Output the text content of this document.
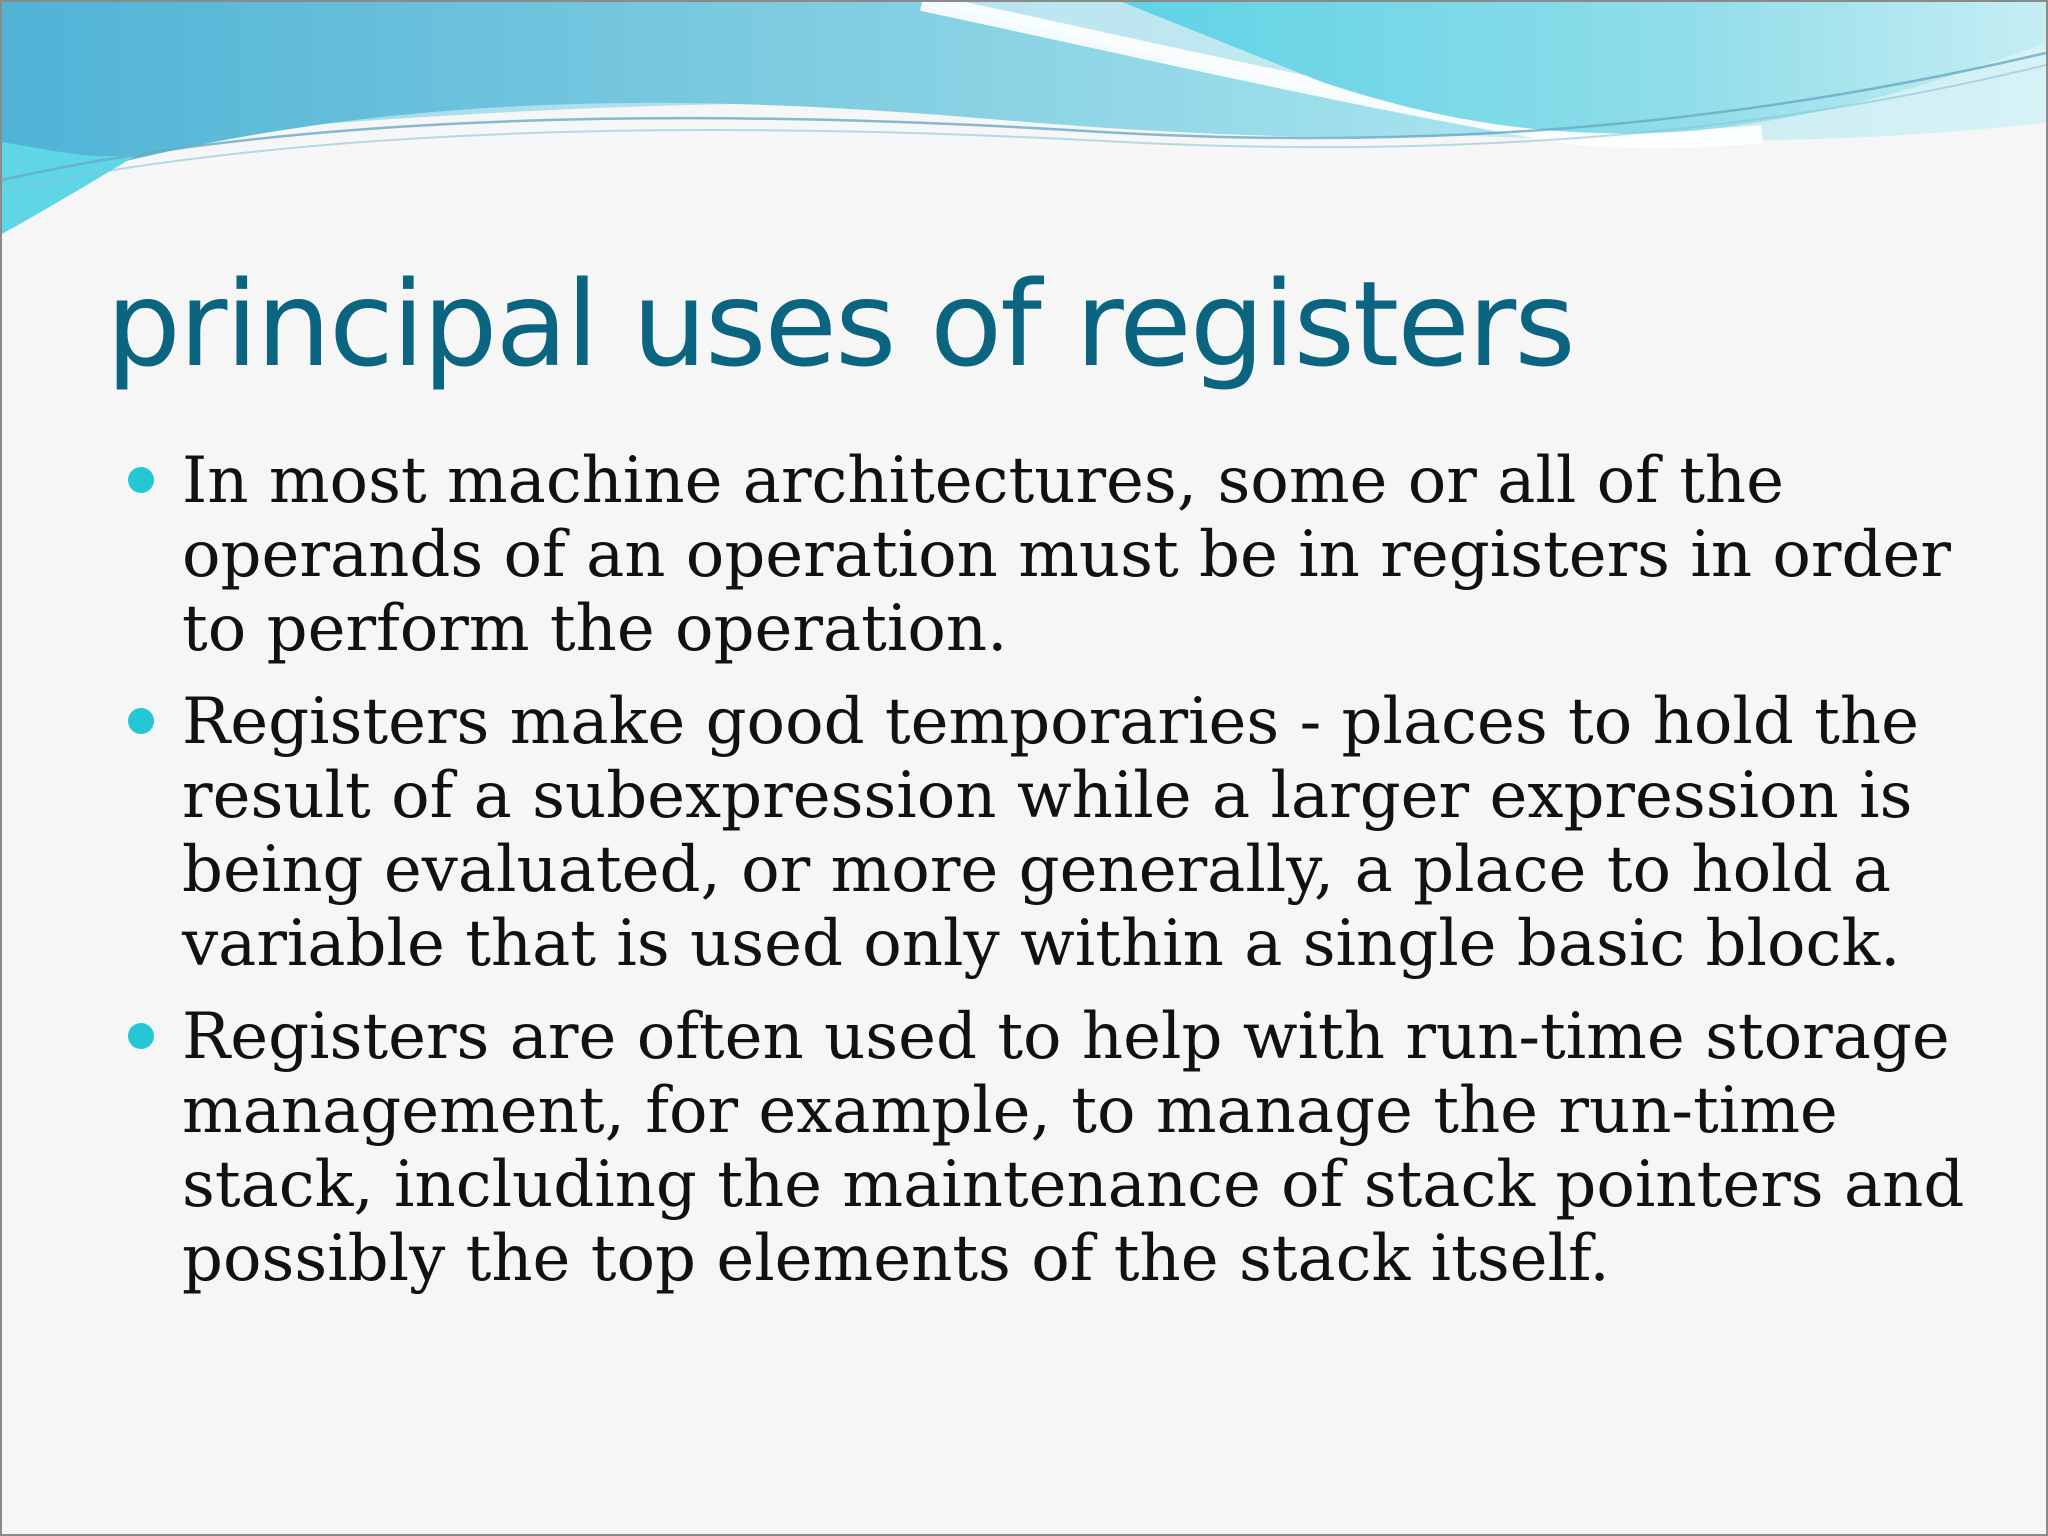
principal uses of registers
In most machine architectures, some or all of the operands of an operation must be in registers in order to perform the operation.
Registers make good temporaries - places to hold the result of a subexpression while a larger expression is being evaluated, or more generally, a place to hold a variable that is used only within a single basic block.
Registers are often used to help with run-time storage management, for example, to manage the run-time stack, including the maintenance of stack pointers and possibly the top elements of the stack itself.
